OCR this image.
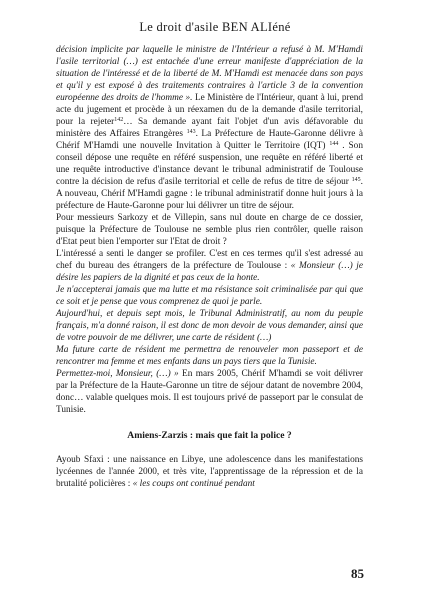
Le droit d'asile BEN ALIéné

décision implicite par laquelle le ministre de l'Intérieur a refusé à M. M'Hamdi l'asile territorial (…) est entachée d'une erreur manifeste d'appréciation de la situation de l'intéressé et de la liberté de M. M'Hamdi est menacée dans son pays et qu'il y est exposé à des traitements contraires à l'article 3 de la convention européenne des droits de l'homme ». Le Ministère de l'Intérieur, quant à lui, prend acte du jugement et procède à un réexamen du de la demande d'asile territorial, pour la rejeter$^{142}$… Sa demande ayant fait l'objet d'un avis défavorable du ministère des Affaires Etrangères $^{143}$. La Préfecture de Haute-Garonne délivre à Chérif M'Hamdi une nouvelle Invitation à Quitter le Territoire (IQT) $^{144}$ . Son conseil dépose une requête en référé suspension, une requête en référé liberté et une requête introductive d'instance devant le tribunal administratif de Toulouse contre la décision de refus d'asile territorial et celle de refus de titre de séjour $^{145}$. A nouveau, Chérif M'Hamdi gagne : le tribunal administratif donne huit jours à la préfecture de Haute-Garonne pour lui délivrer un titre de séjour.

Pour messieurs Sarkozy et de Villepin, sans nul doute en charge de ce dossier, puisque la Préfecture de Toulouse ne semble plus rien contrôler, quelle raison d'Etat peut bien l'emporter sur l'Etat de droit ?

L'intéressé a senti le danger se profiler. C'est en ces termes qu'il s'est adressé au chef du bureau des étrangers de la préfecture de Toulouse : « Monsieur (…) je désire les papiers de la dignité et pas ceux de la honte.

Je n'accepterai jamais que ma lutte et ma résistance soit criminalisée par qui que ce soit et je pense que vous comprenez de quoi je parle.

Aujourd'hui, et depuis sept mois, le Tribunal Administratif, au nom du peuple français, m'a donné raison, il est donc de mon devoir de vous demander, ainsi que de votre pouvoir de me délivrer, une carte de résident (…)

Ma future carte de résident me permettra de renouveler mon passeport et de rencontrer ma femme et mes enfants dans un pays tiers que la Tunisie.

Permettez-moi, Monsieur, (…) » En mars 2005, Chérif M'hamdi se voit délivrer par la Préfecture de la Haute-Garonne un titre de séjour datant de novembre 2004, donc… valable quelques mois. Il est toujours privé de passeport par le consulat de Tunisie.

Amiens-Zarzis : mais que fait la police ?

Ayoub Sfaxi : une naissance en Libye, une adolescence dans les manifestations lycéennes de l'année 2000, et très vite, l'apprentissage de la répression et de la brutalité policières : « les coups ont continué pendant

85
